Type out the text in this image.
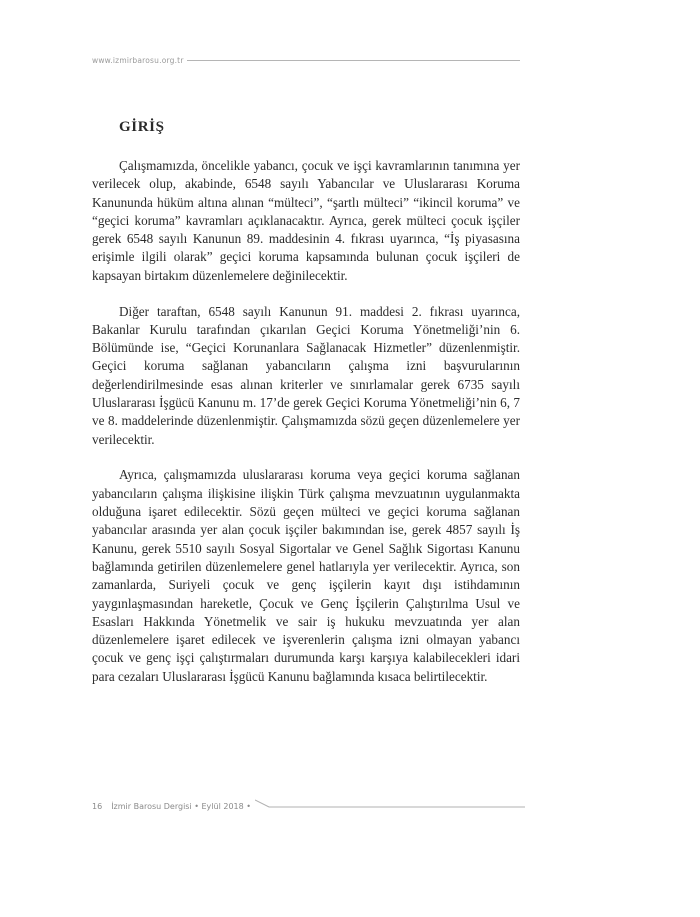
www.izmirbarosu.org.tr
GİRİŞ

Çalışmamızda, öncelikle yabancı, çocuk ve işçi kavramlarının tanımına yer verilecek olup, akabinde, 6548 sayılı Yabancılar ve Uluslararası Koruma Kanununda hüküm altına alınan “mülteci”, “şartlı mülteci” “ikincil koruma” ve “geçici koruma” kavramları açıklanacaktır. Ayrıca, gerek mülteci çocuk işçiler gerek 6548 sayılı Kanunun 89. maddesinin 4. fıkrası uyarınca, “İş piyasasına erişimle ilgili olarak” geçici koruma kapsamında bulunan çocuk işçileri de kapsayan birtakım düzenlemelere değinilecektir.

Diğer taraftan, 6548 sayılı Kanunun 91. maddesi 2. fıkrası uyarınca, Bakanlar Kurulu tarafından çıkarılan Geçici Koruma Yönetmeliği’nin 6. Bölümünde ise, “Geçici Korunanlara Sağlanacak Hizmetler” düzenlenmiştir. Geçici koruma sağlanan yabancıların çalışma izni başvurularının değerlendirilmesinde esas alınan kriterler ve sınırlamalar gerek 6735 sayılı Uluslararası İşgücü Kanunu m. 17’de gerek Geçici Koruma Yönetmeliği’nin 6, 7 ve 8. maddelerinde düzenlenmiştir. Çalışmamızda sözü geçen düzenlemelere yer verilecektir.

Ayrıca, çalışmamızda uluslararası koruma veya geçici koruma sağlanan yabancıların çalışma ilişkisine ilişkin Türk çalışma mevzuatının uygulanmakta olduğuna işaret edilecektir. Sözü geçen mülteci ve geçici koruma sağlanan yabancılar arasında yer alan çocuk işçiler bakımından ise, gerek 4857 sayılı İş Kanunu, gerek 5510 sayılı Sosyal Sigortalar ve Genel Sağlık Sigortası Kanunu bağlamında getirilen düzenlemelere genel hatlarıyla yer verilecektir. Ayrıca, son zamanlarda, Suriyeli çocuk ve genç işçilerin kayıt dışı istihdamının yaygınlaşmasından hareketle, Çocuk ve Genç İşçilerin Çalıştırılma Usul ve Esasları Hakkında Yönetmelik ve sair iş hukuku mevzuatında yer alan düzenlemelere işaret edilecek ve işverenlerin çalışma izni olmayan yabancı çocuk ve genç işçi çalıştırmaları durumunda karşı karşıya kalabilecekleri idari para cezaları Uluslararası İşgücü Kanunu bağlamında kısaca belirtilecektir.

16 İzmir Barosu Dergisi • Eylül 2018 •
